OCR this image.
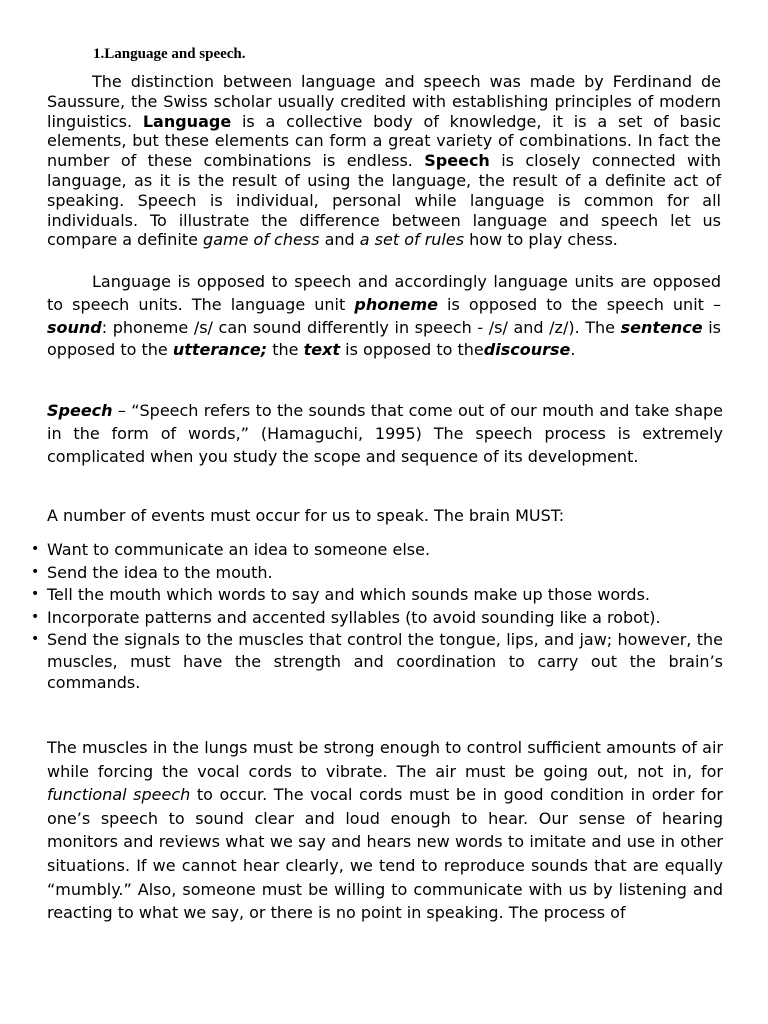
1.Language and speech.

The distinction between language and speech was made by Ferdinand de Saussure, the Swiss scholar usually credited with establishing principles of modern linguistics. Language is a collective body of knowledge, it is a set of basic elements, but these elements can form a great variety of combinations. In fact the number of these combinations is endless. Speech is closely connected with language, as it is the result of using the language, the result of a definite act of speaking. Speech is individual, personal while language is common for all individuals. To illustrate the difference between language and speech let us compare a definite game of chess and a set of rules how to play chess.

Language is opposed to speech and accordingly language units are opposed to speech units. The language unit phoneme is opposed to the speech unit – sound: phoneme /s/ can sound differently in speech - /s/ and /z/). The sentence is opposed to the utterance; the text is opposed to thediscourse.

Speech – “Speech refers to the sounds that come out of our mouth and take shape in the form of words,” (Hamaguchi, 1995) The speech process is extremely complicated when you study the scope and sequence of its development.

A number of events must occur for us to speak. The brain MUST:

• Want to communicate an idea to someone else.
• Send the idea to the mouth.
• Tell the mouth which words to say and which sounds make up those words.
• Incorporate patterns and accented syllables (to avoid sounding like a robot).
• Send the signals to the muscles that control the tongue, lips, and jaw; however, the muscles, must have the strength and coordination to carry out the brain’s commands.

The muscles in the lungs must be strong enough to control sufficient amounts of air while forcing the vocal cords to vibrate. The air must be going out, not in, for functional speech to occur. The vocal cords must be in good condition in order for one’s speech to sound clear and loud enough to hear. Our sense of hearing monitors and reviews what we say and hears new words to imitate and use in other situations. If we cannot hear clearly, we tend to reproduce sounds that are equally “mumbly.” Also, someone must be willing to communicate with us by listening and reacting to what we say, or there is no point in speaking. The process of
